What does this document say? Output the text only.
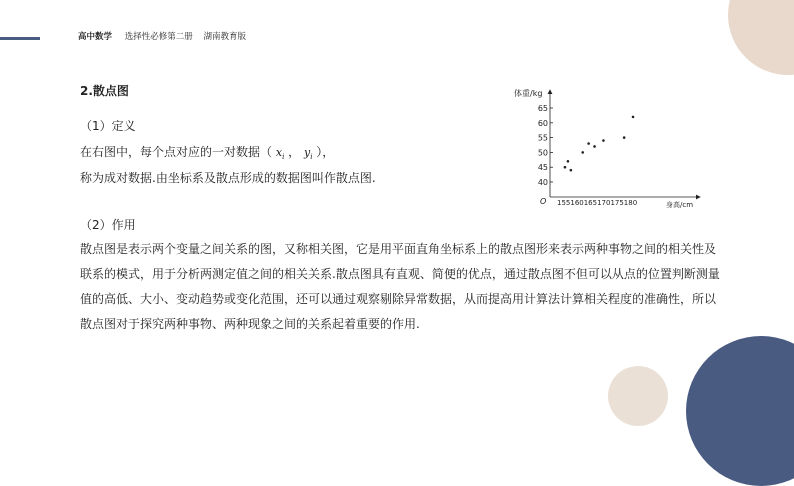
高中数学 选择性必修第二册 湖南教育版
2.散点图
（1）定义
在右图中，每个点对应的一对数据（ $x_i$ ， $y_i$ ），
称为成对数据.由坐标系及散点形成的数据图叫作散点图.
（2）作用
散点图是表示两个变量之间关系的图，又称相关图，它是用平面直角坐标系上的散点图形来表示两种事物之间的相关性及联系的模式，用于分析两测定值之间的相关关系.散点图具有直观、简便的优点，通过散点图不但可以从点的位置判断测量值的高低、大小、变动趋势或变化范围，还可以通过观察剔除异常数据，从而提高用计算法计算相关程度的准确性，所以散点图对于探究两种事物、两种现象之间的关系起着重要的作用.
体重/kg
身高/cm
O 155160165170175180
40
45
50
55
60
65
